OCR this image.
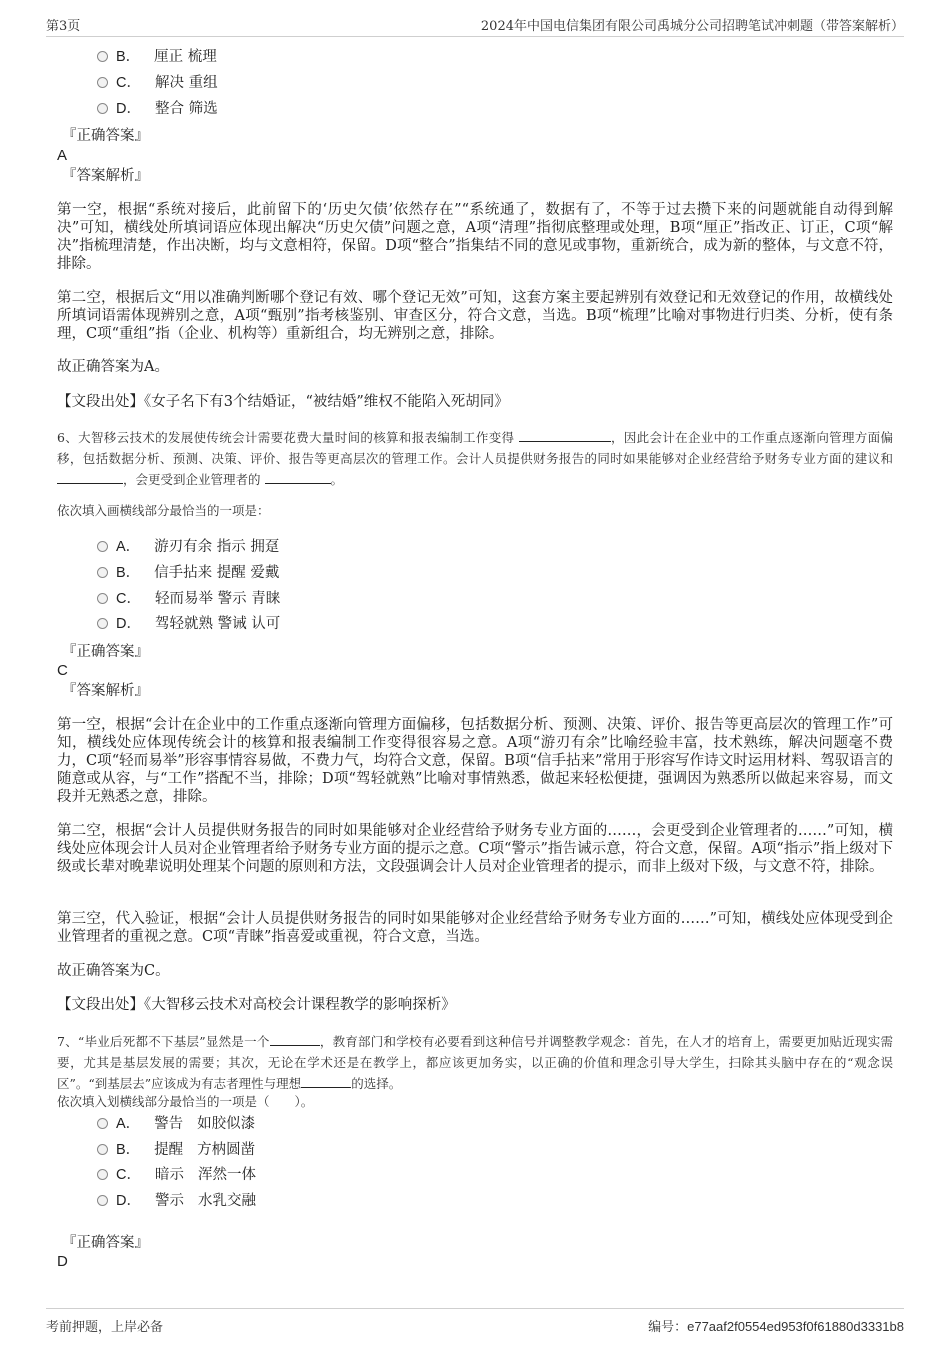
第3页	2024年中国电信集团有限公司禹城分公司招聘笔试冲刺题（带答案解析）
B． 厘正 梳理
C． 解决 重组
D． 整合 筛选
『正确答案』
A
『答案解析』

第一空，根据“系统对接后，此前留下的‘历史欠债’依然存在”“系统通了，数据有了，不等于过去攒下来的问题就能自动得到解决”可知，横线处所填词语应体现出解决“历史欠债”问题之意，A项“清理”指彻底整理或处理，B项“厘正”指改正、订正，C项“解决”指梳理清楚，作出决断，均与文意相符，保留。D项“整合”指集结不同的意见或事物，重新统合，成为新的整体，与文意不符，排除。

第二空，根据后文“用以准确判断哪个登记有效、哪个登记无效”可知，这套方案主要起辨别有效登记和无效登记的作用，故横线处所填词语需体现辨别之意，A项“甄别”指考核鉴别、审查区分，符合文意，当选。B项“梳理”比喻对事物进行归类、分析，使有条理，C项“重组”指（企业、机构等）重新组合，均无辨别之意，排除。

故正确答案为A。

【文段出处】《女子名下有3个结婚证，“被结婚”维权不能陷入死胡同》

6、大智移云技术的发展使传统会计需要花费大量时间的核算和报表编制工作变得	，因此会计在企业中的工作重点逐渐向管理方面偏移，包括数据分析、预测、决策、评价、报告等更高层次的管理工作。会计人员提供财务报告的同时如果能够对企业经营给予财务专业方面的建议和 ，会更受到企业管理者的	。

依次填入画横线部分最恰当的一项是：

A． 游刃有余 指示 拥趸
B． 信手拈来 提醒 爱戴
C． 轻而易举 警示 青睐
D． 驾轻就熟 警诫 认可
『正确答案』
C
『答案解析』

第一空，根据“会计在企业中的工作重点逐渐向管理方面偏移，包括数据分析、预测、决策、评价、报告等更高层次的管理工作”可知，横线处应体现传统会计的核算和报表编制工作变得很容易之意。A项“游刃有余”比喻经验丰富，技术熟练，解决问题毫不费力，C项“轻而易举”形容事情容易做，不费力气，均符合文意，保留。B项“信手拈来”常用于形容写作诗文时运用材料、驾驭语言的随意或从容，与“工作”搭配不当，排除；D项“驾轻就熟”比喻对事情熟悉，做起来轻松便捷，强调因为熟悉所以做起来容易，而文段并无熟悉之意，排除。

第二空，根据“会计人员提供财务报告的同时如果能够对企业经营给予财务专业方面的……，会更受到企业管理者的……”可知，横线处应体现会计人员对企业管理者给予财务专业方面的提示之意。C项“警示”指告诫示意，符合文意，保留。A项“指示”指上级对下级或长辈对晚辈说明处理某个问题的原则和方法，文段强调会计人员对企业管理者的提示，而非上级对下级，与文意不符，排除。

第三空，代入验证，根据“会计人员提供财务报告的同时如果能够对企业经营给予财务专业方面的……”可知，横线处应体现受到企业管理者的重视之意。C项“青睐”指喜爱或重视，符合文意，当选。

故正确答案为C。

【文段出处】《大智移云技术对高校会计课程教学的影响探析》

7、“毕业后死都不下基层”显然是一个	，教育部门和学校有必要看到这种信号并调整教学观念：首先，在人才的培育上，需要更加贴近现实需要，尤其是基层发展的需要；其次，无论在学术还是在教学上，都应该更加务实，以正确的价值和理念引导大学生，扫除其头脑中存在的“观念误区”。“到基层去”应该成为有志者理性与理想	的选择。

依次填入划横线部分最恰当的一项是（　　）。

A． 警告 如胶似漆
B． 提醒 方枘圆凿
C． 暗示 浑然一体
D． 警示 水乳交融
『正确答案』
D
考前押题，上岸必备	编号：e77aaf2f0554ed953f0f61880d3331b8
